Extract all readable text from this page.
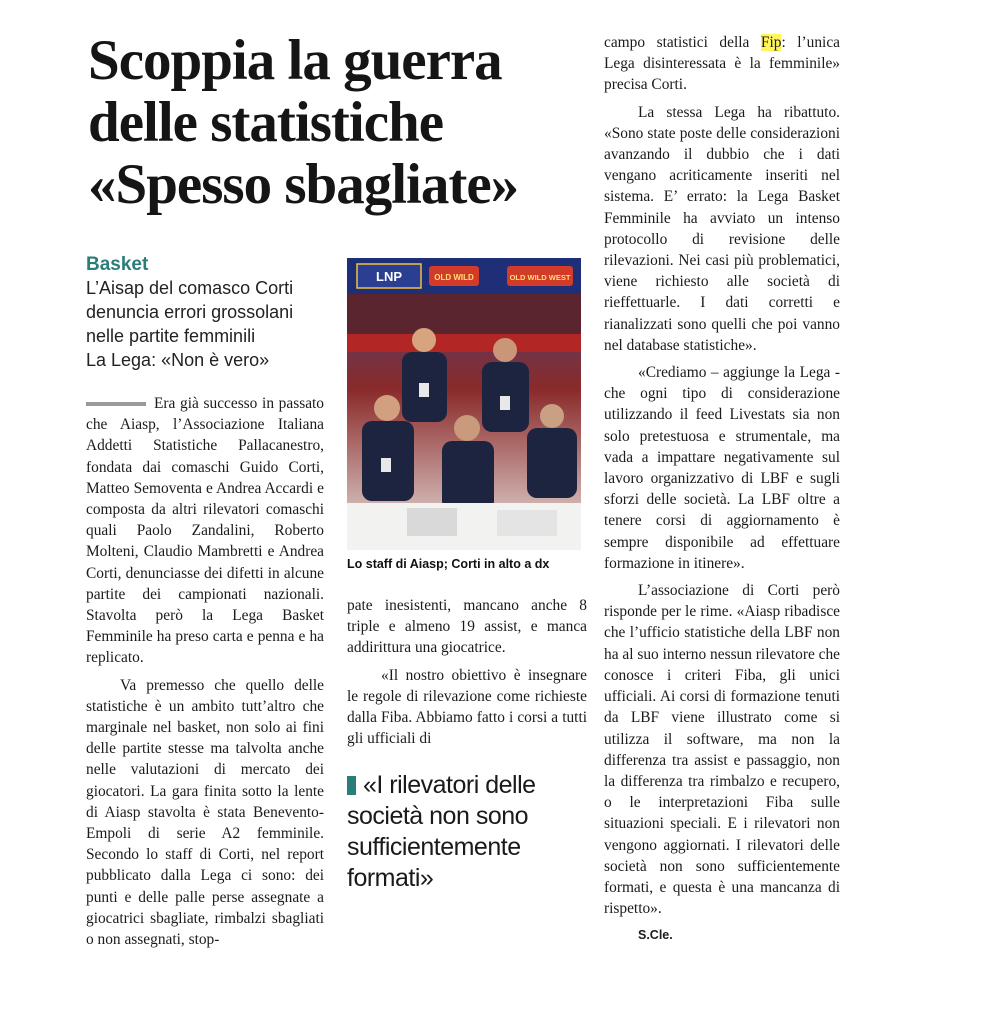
Scoppia la guerra
delle statistiche
«Spesso sbagliate»
Basket
L’Aisap del comasco Corti
denuncia errori grossolani
nelle partite femminili
La Lega: «Non è vero»

Era già successo in passato che Aiasp, l’Associazione Italiana Addetti Statistiche Pallacanestro, fondata dai comaschi Guido Corti, Matteo Semoventa e Andrea Accardi e composta da altri rilevatori comaschi quali Paolo Zandalini, Roberto Molteni, Claudio Mambretti e Andrea Corti, denunciasse dei difetti in alcune partite dei campionati nazionali. Stavolta però la Lega Basket Femminile ha preso carta e penna e ha replicato.

Va premesso che quello delle statistiche è un ambito tutt’altro che marginale nel basket, non solo ai fini delle partite stesse ma talvolta anche nelle valutazioni di mercato dei giocatori. La gara finita sotto la lente di Aiasp stavolta è stata Benevento-Empoli di serie A2 femminile. Secondo lo staff di Corti, nel report pubblicato dalla Lega ci sono: dei punti e delle palle perse assegnate a giocatrici sbagliate, rimbalzi sbagliati o non assegnati, stop-

LNP	OLD WILD	OLD WILD WEST
Lo staff di Aiasp; Corti in alto a dx

pate inesistenti, mancano anche 8 triple e almeno 19 assist, e manca addirittura una giocatrice.

«Il nostro obiettivo è insegnare le regole di rilevazione come richieste dalla Fiba. Abbiamo fatto i corsi a tutti gli ufficiali di

«I rilevatori delle società non sono sufficientemente formati»

campo statistici della Fip: l’unica Lega disinteressata è la femminile» precisa Corti.

La stessa Lega ha ribattuto. «Sono state poste delle considerazioni avanzando il dubbio che i dati vengano acriticamente inseriti nel sistema. E’ errato: la Lega Basket Femminile ha avviato un intenso protocollo di revisione delle rilevazioni. Nei casi più problematici, viene richiesto alle società di rieffettuarle. I dati corretti e rianalizzati sono quelli che poi vanno nel database statistiche».

«Crediamo – aggiunge la Lega - che ogni tipo di considerazione utilizzando il feed Livestats sia non solo pretestuosa e strumentale, ma vada a impattare negativamente sul lavoro organizzativo di LBF e sugli sforzi delle società. La LBF oltre a tenere corsi di aggiornamento è sempre disponibile ad effettuare formazione in itinere».

L’associazione di Corti però risponde per le rime. «Aiasp ribadisce che l’ufficio statistiche della LBF non ha al suo interno nessun rilevatore che conosce i criteri Fiba, gli unici ufficiali. Ai corsi di formazione tenuti da LBF viene illustrato come si utilizza il software, ma non la differenza tra assist e passaggio, non la differenza tra rimbalzo e recupero, o le interpretazioni Fiba sulle situazioni speciali. E i rilevatori non vengono aggiornati. I rilevatori delle società non sono sufficientemente formati, e questa è una mancanza di rispetto».

S.Cle.
